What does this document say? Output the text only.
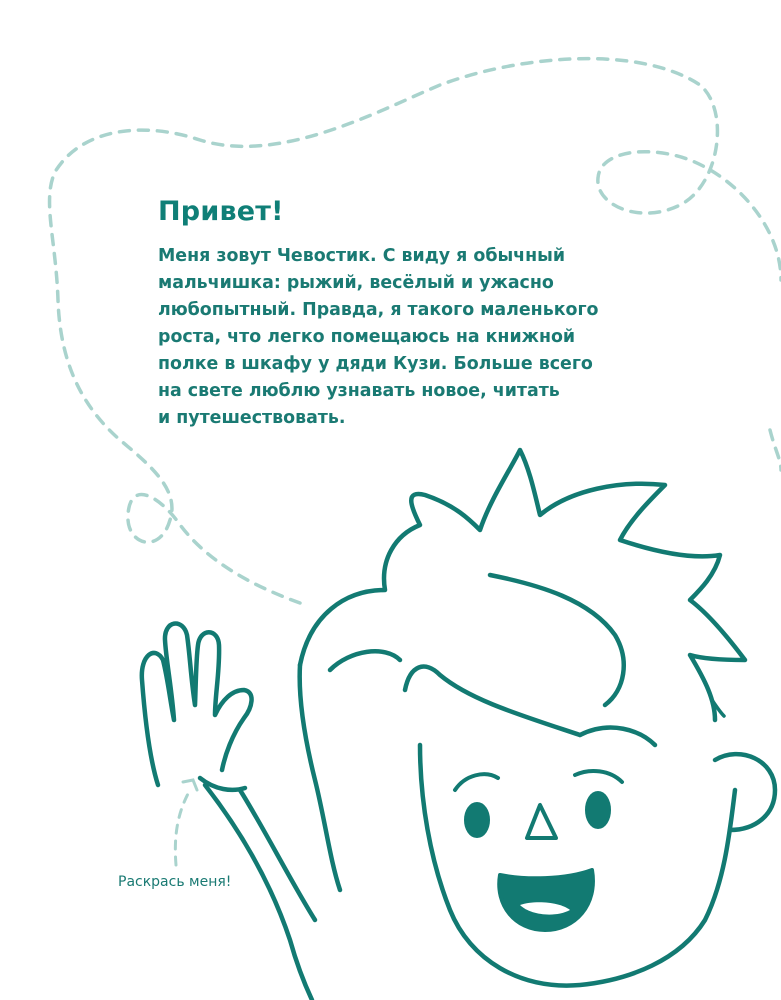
Привет!

Меня зовут Чевостик. С виду я обычный
мальчишка: рыжий, весёлый и ужасно
любопытный. Правда, я такого маленького
роста, что легко помещаюсь на книжной
полке в шкафу у дяди Кузи. Больше всего
на свете люблю узнавать новое, читать
и путешествовать.

Раскрась меня!
